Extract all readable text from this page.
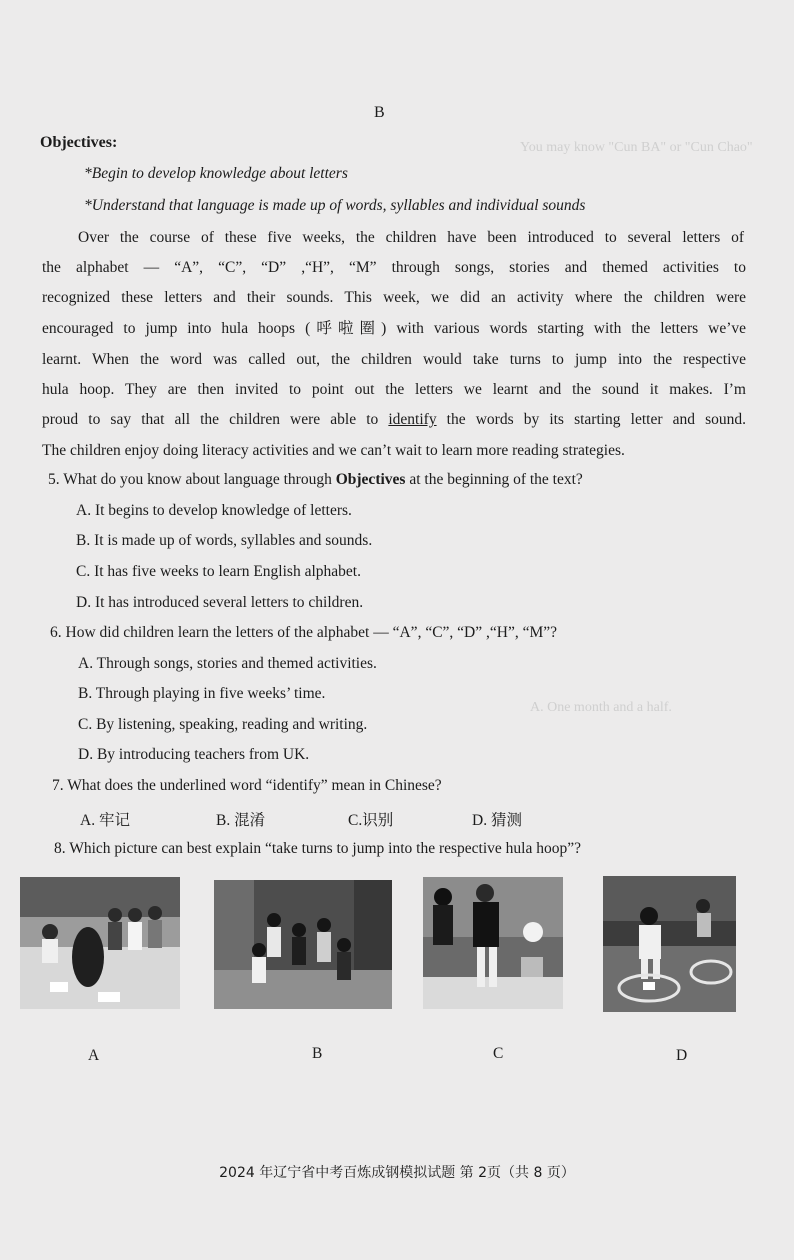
You may know "Cun BA" or "Cun Chao"
A. One month and a half.
B
Objectives:
*Begin to develop knowledge about letters
*Understand that language is made up of words, syllables and individual sounds
Over the course of these five weeks, the children have been introduced to several letters of
the alphabet — “A”, “C”, “D” ,“H”, “M” through songs, stories and themed activities to
recognized these letters and their sounds. This week, we did an activity where the children were
encouraged to jump into hula hoops (呼啦圈) with various words starting with the letters we’ve
learnt. When the word was called out, the children would take turns to jump into the respective
hula hoop. They are then invited to point out the letters we learnt and the sound it makes. I’m
proud to say that all the children were able to identify the words by its starting letter and sound.
The children enjoy doing literacy activities and we can’t wait to learn more reading strategies.
5. What do you know about language through Objectives at the beginning of the text?
A. It begins to develop knowledge of letters.
B. It is made up of words, syllables and sounds.
C. It has five weeks to learn English alphabet.
D. It has introduced several letters to children.
6. How did children learn the letters of the alphabet — “A”, “C”, “D” ,“H”, “M”?
A. Through songs, stories and themed activities.
B. Through playing in five weeks’ time.
C. By listening, speaking, reading and writing.
D. By introducing teachers from UK.
7. What does the underlined word “identify” mean in Chinese?
A. 牢记	B. 混淆	C.识别	D. 猜测
8. Which picture can best explain “take turns to jump into the respective hula hoop”?
A	B	C	D
2024 年辽宁省中考百炼成钢模拟试题 第 2页（共 8 页）
